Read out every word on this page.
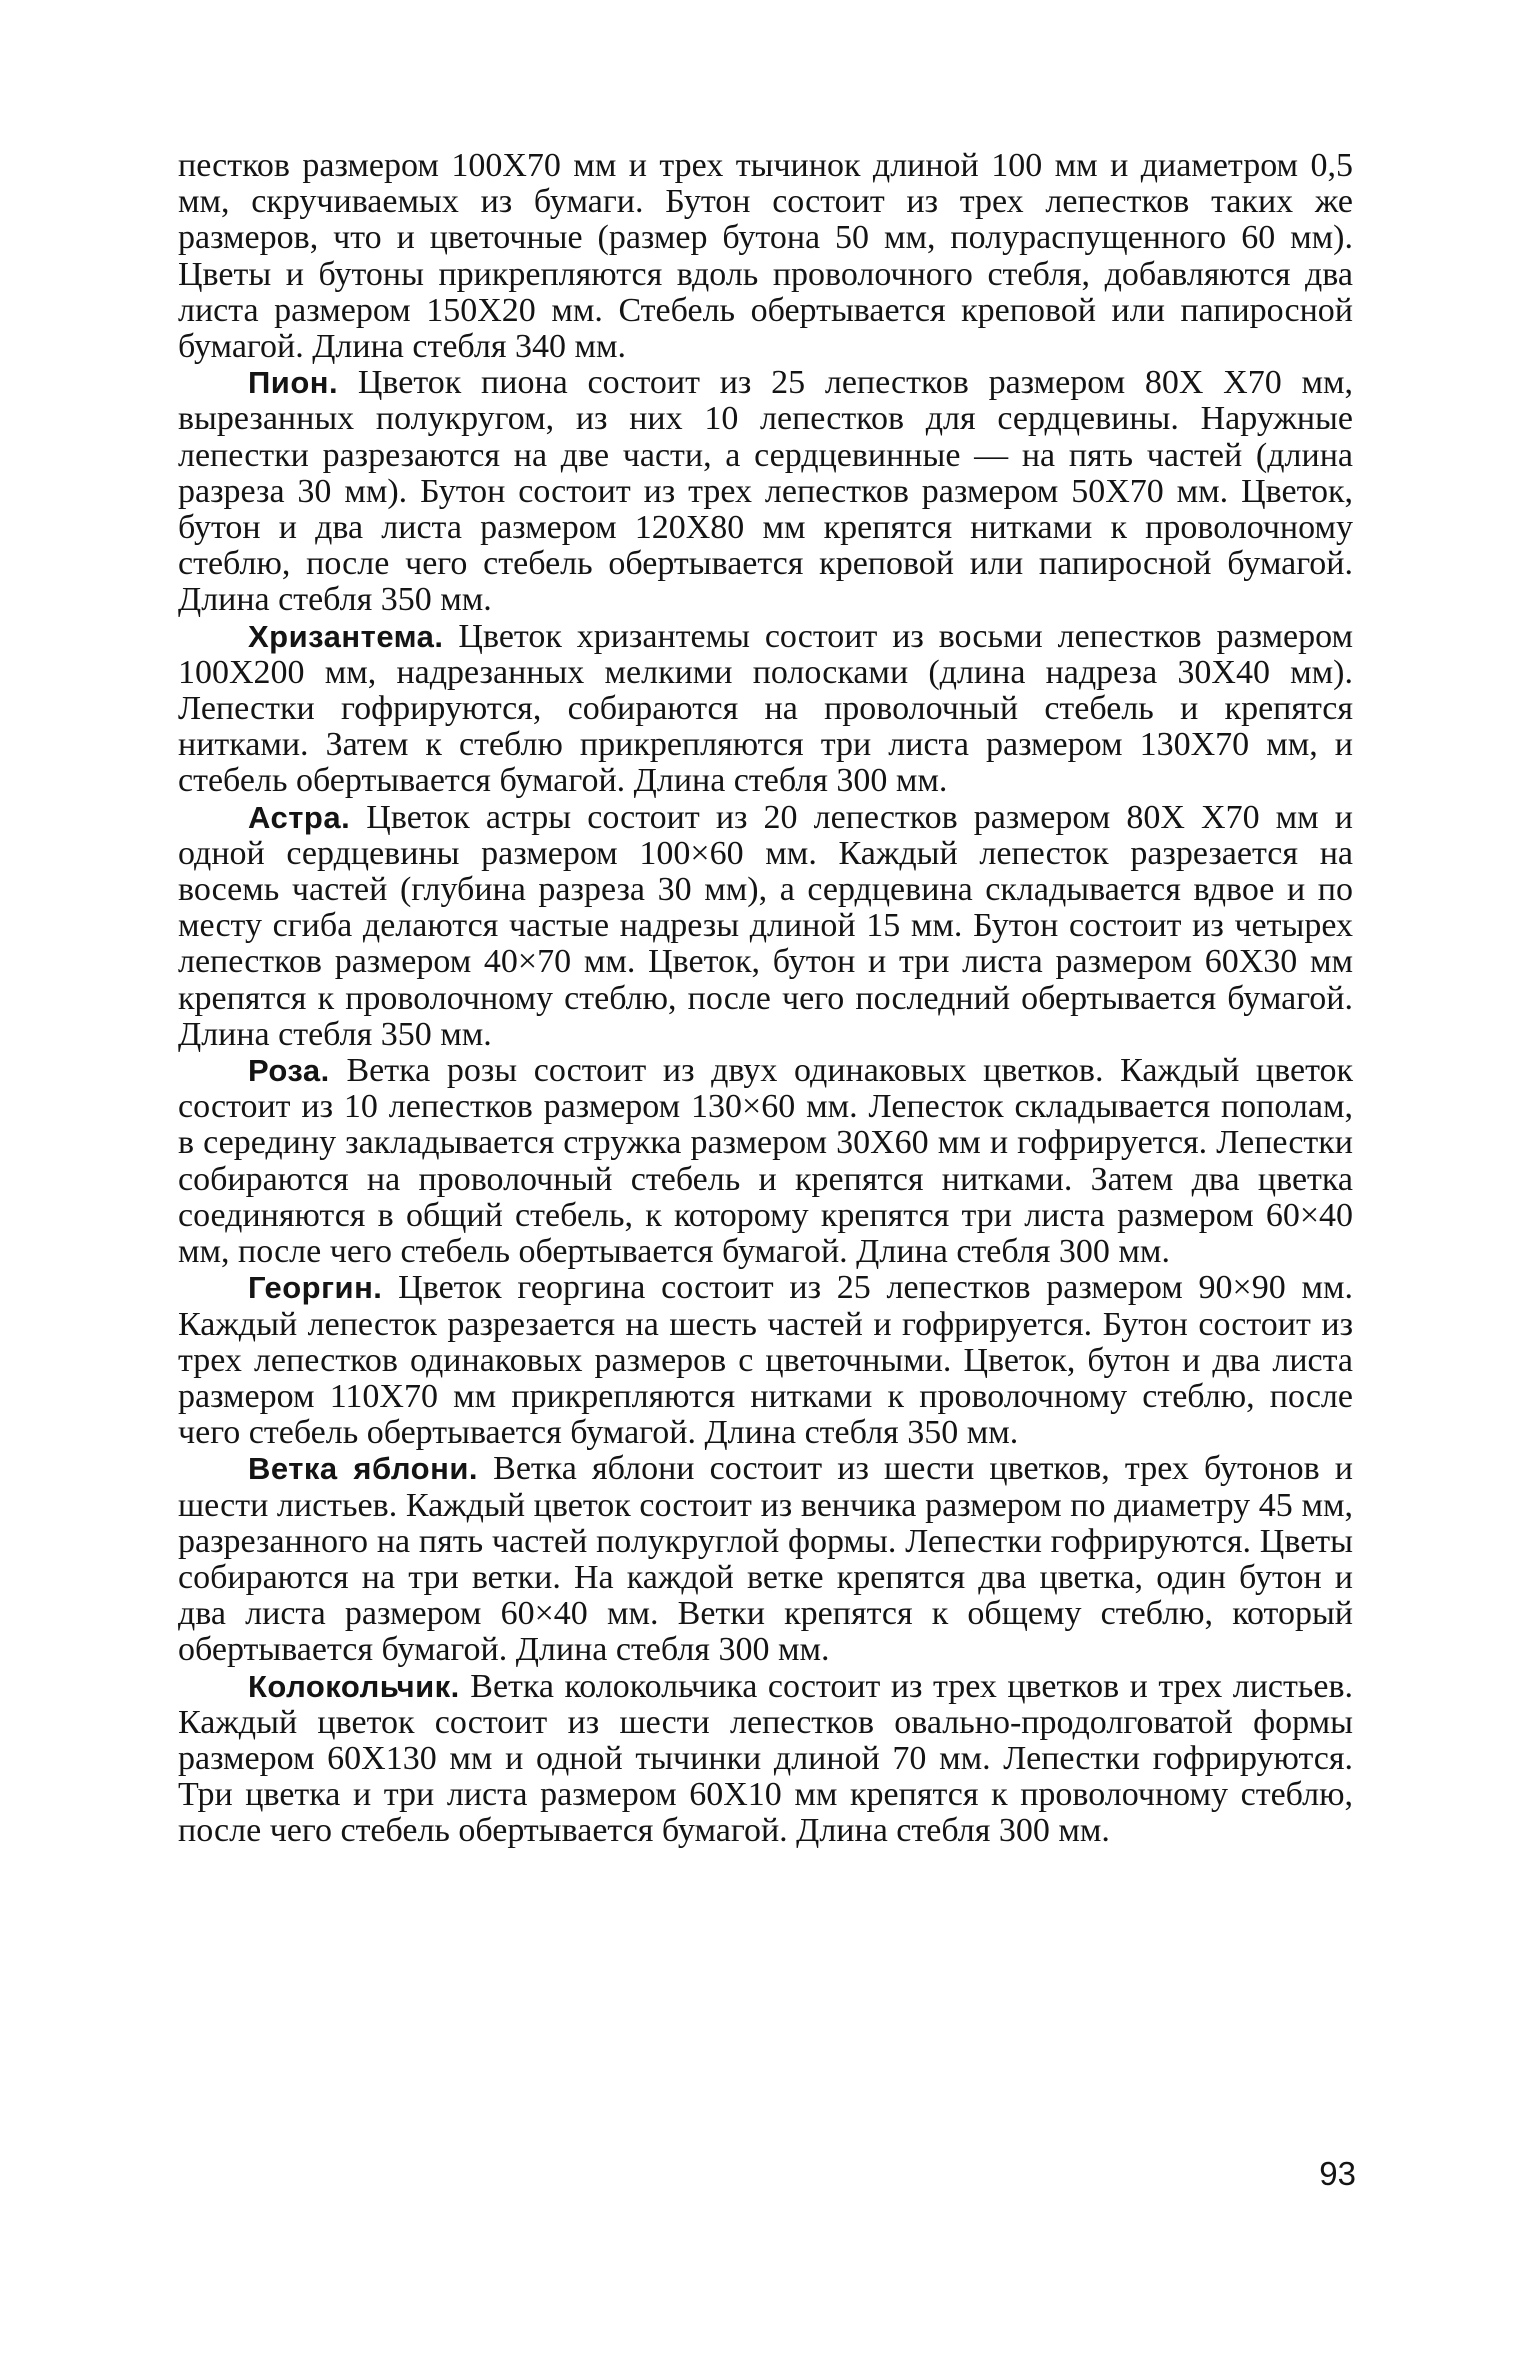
пестков размером 100Х70 мм и трех тычинок длиной 100 мм и диаметром 0,5 мм, скручиваемых из бумаги. Бутон состоит из трех лепестков таких же размеров, что и цветочные (размер бутона 50 мм, полураспущенного 60 мм). Цветы и бутоны прикрепляются вдоль проволочного стебля, добавляются два листа размером 150Х20 мм. Стебель обертывается креповой или папиросной бумагой. Длина стебля 340 мм.

Пион. Цветок пиона состоит из 25 лепестков размером 80Х Х70 мм, вырезанных полукругом, из них 10 лепестков для сердцевины. Наружные лепестки разрезаются на две части, а сердцевинные — на пять частей (длина разреза 30 мм). Бутон состоит из трех лепестков размером 50Х70 мм. Цветок, бутон и два листа размером 120Х80 мм крепятся нитками к проволочному стеблю, после чего стебель обертывается креповой или папиросной бумагой. Длина стебля 350 мм.

Хризантема. Цветок хризантемы состоит из восьми лепестков размером 100Х200 мм, надрезанных мелкими полосками (длина надреза 30Х40 мм). Лепестки гофрируются, собираются на проволочный стебель и крепятся нитками. Затем к стеблю прикрепляются три листа размером 130Х70 мм, и стебель обертывается бумагой. Длина стебля 300 мм.

Астра. Цветок астры состоит из 20 лепестков размером 80Х Х70 мм и одной сердцевины размером 100×60 мм. Каждый лепесток разрезается на восемь частей (глубина разреза 30 мм), а сердцевина складывается вдвое и по месту сгиба делаются частые надрезы длиной 15 мм. Бутон состоит из четырех лепестков размером 40×70 мм. Цветок, бутон и три листа размером 60Х30 мм крепятся к проволочному стеблю, после чего последний обертывается бумагой. Длина стебля 350 мм.

Роза. Ветка розы состоит из двух одинаковых цветков. Каждый цветок состоит из 10 лепестков размером 130×60 мм. Лепесток складывается пополам, в середину закладывается стружка размером 30Х60 мм и гофрируется. Лепестки собираются на проволочный стебель и крепятся нитками. Затем два цветка соединяются в общий стебель, к которому крепятся три листа размером 60×40 мм, после чего стебель обертывается бумагой. Длина стебля 300 мм.

Георгин. Цветок георгина состоит из 25 лепестков размером 90×90 мм. Каждый лепесток разрезается на шесть частей и гофрируется. Бутон состоит из трех лепестков одинаковых размеров с цветочными. Цветок, бутон и два листа размером 110Х70 мм прикрепляются нитками к проволочному стеблю, после чего стебель обертывается бумагой. Длина стебля 350 мм.

Ветка яблони. Ветка яблони состоит из шести цветков, трех бутонов и шести листьев. Каждый цветок состоит из венчика размером по диаметру 45 мм, разрезанного на пять частей полукруглой формы. Лепестки гофрируются. Цветы собираются на три ветки. На каждой ветке крепятся два цветка, один бутон и два листа размером 60×40 мм. Ветки крепятся к общему стеблю, который обертывается бумагой. Длина стебля 300 мм.

Колокольчик. Ветка колокольчика состоит из трех цветков и трех листьев. Каждый цветок состоит из шести лепестков овально-продолговатой формы размером 60Х130 мм и одной тычинки длиной 70 мм. Лепестки гофрируются. Три цветка и три листа размером 60Х10 мм крепятся к проволочному стеблю, после чего стебель обертывается бумагой. Длина стебля 300 мм.

93
